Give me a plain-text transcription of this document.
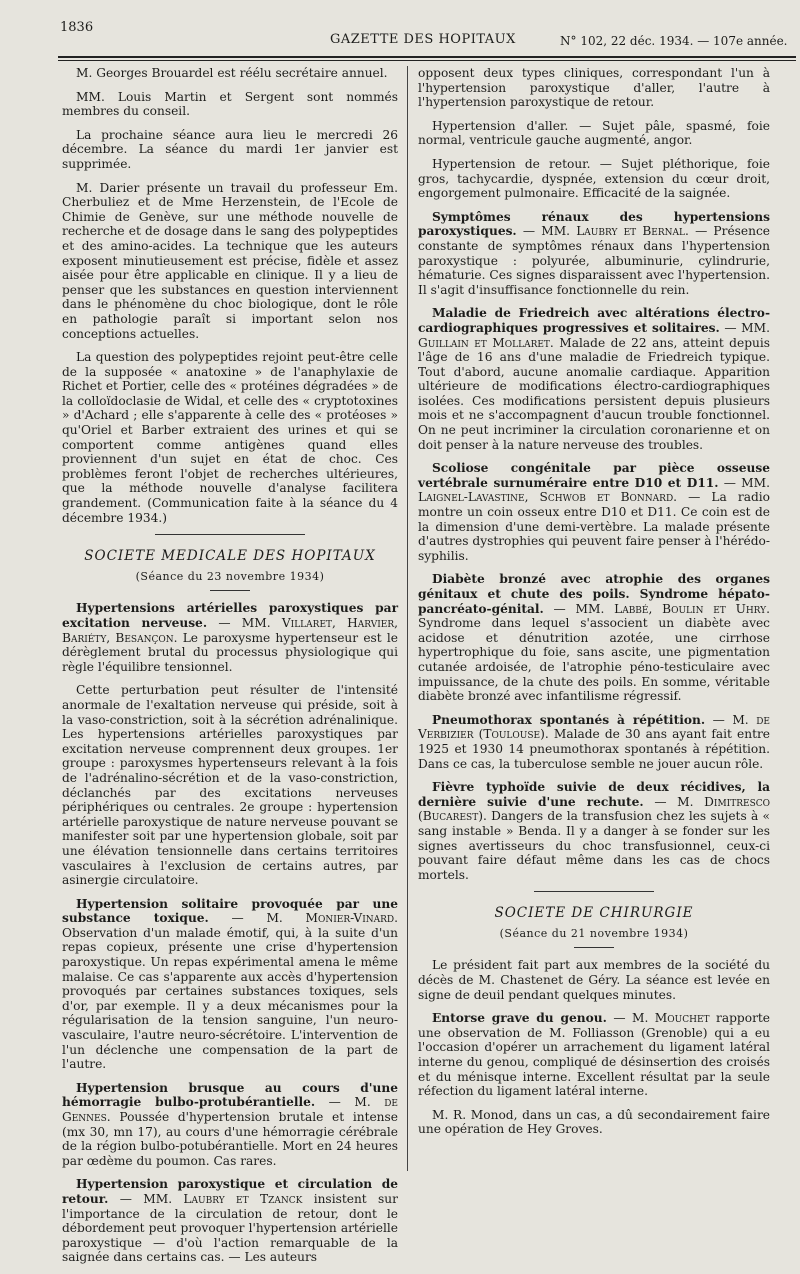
1836
GAZETTE DES HOPITAUX	N° 102, 22 déc. 1934. — 107e année.

M. Georges Brouardel est réélu secrétaire annuel.

MM. Louis Martin et Sergent sont nommés membres du conseil.

La prochaine séance aura lieu le mercredi 26 décembre. La séance du mardi 1er janvier est supprimée.

M. Darier présente un travail du professeur Em. Cherbuliez et de Mme Herzenstein, de l'Ecole de Chimie de Genève, sur une méthode nouvelle de recherche et de dosage dans le sang des polypeptides et des amino-acides. La technique que les auteurs exposent minutieusement est précise, fidèle et assez aisée pour être applicable en clinique. Il y a lieu de penser que les substances en question interviennent dans le phénomène du choc biologique, dont le rôle en pathologie paraît si important selon nos conceptions actuelles.

La question des polypeptides rejoint peut-être celle de la supposée « anatoxine » de l'anaphylaxie de Richet et Portier, celle des « protéines dégradées » de la colloïdoclasie de Widal, et celle des « cryptotoxines » d'Achard ; elle s'apparente à celle des « protéoses » qu'Oriel et Barber extraient des urines et qui se comportent comme antigènes quand elles proviennent d'un sujet en état de choc. Ces problèmes feront l'objet de recherches ultérieures, que la méthode nouvelle d'analyse facilitera grandement. (Communication faite à la séance du 4 décembre 1934.)

SOCIETE MEDICALE DES HOPITAUX
(Séance du 23 novembre 1934)

Hypertensions artérielles paroxystiques par excitation nerveuse. — MM. Villaret, Harvier, Bariéty, Besançon. Le paroxysme hypertenseur est le dérèglement brutal du processus physiologique qui règle l'équilibre tensionnel.

Cette perturbation peut résulter de l'intensité anormale de l'exaltation nerveuse qui préside, soit à la vaso-constriction, soit à la sécrétion adrénalinique. Les hypertensions artérielles paroxystiques par excitation nerveuse comprennent deux groupes. 1er groupe : paroxysmes hypertenseurs relevant à la fois de l'adrénalino-sécrétion et de la vaso-constriction, déclanchés par des excitations nerveuses périphériques ou centrales. 2e groupe : hypertension artérielle paroxystique de nature nerveuse pouvant se manifester soit par une hypertension globale, soit par une élévation tensionnelle dans certains territoires vasculaires à l'exclusion de certains autres, par asinergie circulatoire.

Hypertension solitaire provoquée par une substance toxique. — M. Monier-Vinard. Observation d'un malade émotif, qui, à la suite d'un repas copieux, présente une crise d'hypertension paroxystique. Un repas expérimental amena le même malaise. Ce cas s'apparente aux accès d'hypertension provoqués par certaines substances toxiques, sels d'or, par exemple. Il y a deux mécanismes pour la régularisation de la tension sanguine, l'un neuro-vasculaire, l'autre neuro-sécrétoire. L'intervention de l'un déclenche une compensation de la part de l'autre.

Hypertension brusque au cours d'une hémorragie bulbo-protubérantielle. — M. de Gennes. Poussée d'hypertension brutale et intense (mx 30, mn 17), au cours d'une hémorragie cérébrale de la région bulbo-potubérantielle. Mort en 24 heures par œdème du poumon. Cas rares.

Hypertension paroxystique et circulation de retour. — MM. Laubry et Tzanck insistent sur l'importance de la circulation de retour, dont le débordement peut provoquer l'hypertension artérielle paroxystique — d'où l'action remarquable de la saignée dans certains cas. — Les auteurs

opposent deux types cliniques, correspondant l'un à l'hypertension paroxystique d'aller, l'autre à l'hypertension paroxystique de retour.

Hypertension d'aller. — Sujet pâle, spasmé, foie normal, ventricule gauche augmenté, angor.

Hypertension de retour. — Sujet pléthorique, foie gros, tachycardie, dyspnée, extension du cœur droit, engorgement pulmonaire. Efficacité de la saignée.

Symptômes rénaux des hypertensions paroxystiques. — MM. Laubry et Bernal. — Présence constante de symptômes rénaux dans l'hypertension paroxystique : polyurée, albuminurie, cylindrurie, hématurie. Ces signes disparaissent avec l'hypertension. Il s'agit d'insuffisance fonctionnelle du rein.

Maladie de Friedreich avec altérations électro-cardiographiques progressives et solitaires. — MM. Guillain et Mollaret. Malade de 22 ans, atteint depuis l'âge de 16 ans d'une maladie de Friedreich typique. Tout d'abord, aucune anomalie cardiaque. Apparition ultérieure de modifications électro-cardiographiques isolées. Ces modifications persistent depuis plusieurs mois et ne s'accompagnent d'aucun trouble fonctionnel. On ne peut incriminer la circulation coronarienne et on doit penser à la nature nerveuse des troubles.

Scoliose congénitale par pièce osseuse vertébrale surnuméraire entre D10 et D11. — MM. Laignel-Lavastine, Schwob et Bonnard. — La radio montre un coin osseux entre D10 et D11. Ce coin est de la dimension d'une demi-vertèbre. La malade présente d'autres dystrophies qui peuvent faire penser à l'hérédo-syphilis.

Diabète bronzé avec atrophie des organes génitaux et chute des poils. Syndrome hépato-pancréato-génital. — MM. Labbé, Boulin et Uhry. Syndrome dans lequel s'associent un diabète avec acidose et dénutrition azotée, une cirrhose hypertrophique du foie, sans ascite, une pigmentation cutanée ardoisée, de l'atrophie péno-testiculaire avec impuissance, de la chute des poils. En somme, véritable diabète bronzé avec infantilisme régressif.

Pneumothorax spontanés à répétition. — M. de Verbizier (Toulouse). Malade de 30 ans ayant fait entre 1925 et 1930 14 pneumothorax spontanés à répétition. Dans ce cas, la tuberculose semble ne jouer aucun rôle.

Fièvre typhoïde suivie de deux récidives, la dernière suivie d'une rechute. — M. Dimitresco (Bucarest). Dangers de la transfusion chez les sujets à « sang instable » Benda. Il y a danger à se fonder sur les signes avertisseurs du choc transfusionnel, ceux-ci pouvant faire défaut même dans les cas de chocs mortels.

SOCIETE DE CHIRURGIE
(Séance du 21 novembre 1934)

Le président fait part aux membres de la société du décès de M. Chastenet de Géry. La séance est levée en signe de deuil pendant quelques minutes.

Entorse grave du genou. — M. Mouchet rapporte une observation de M. Folliasson (Grenoble) qui a eu l'occasion d'opérer un arrachement du ligament latéral interne du genou, compliqué de désinsertion des croisés et du ménisque interne. Excellent résultat par la seule réfection du ligament latéral interne.

M. R. Monod, dans un cas, a dû secondairement faire une opération de Hey Groves.
